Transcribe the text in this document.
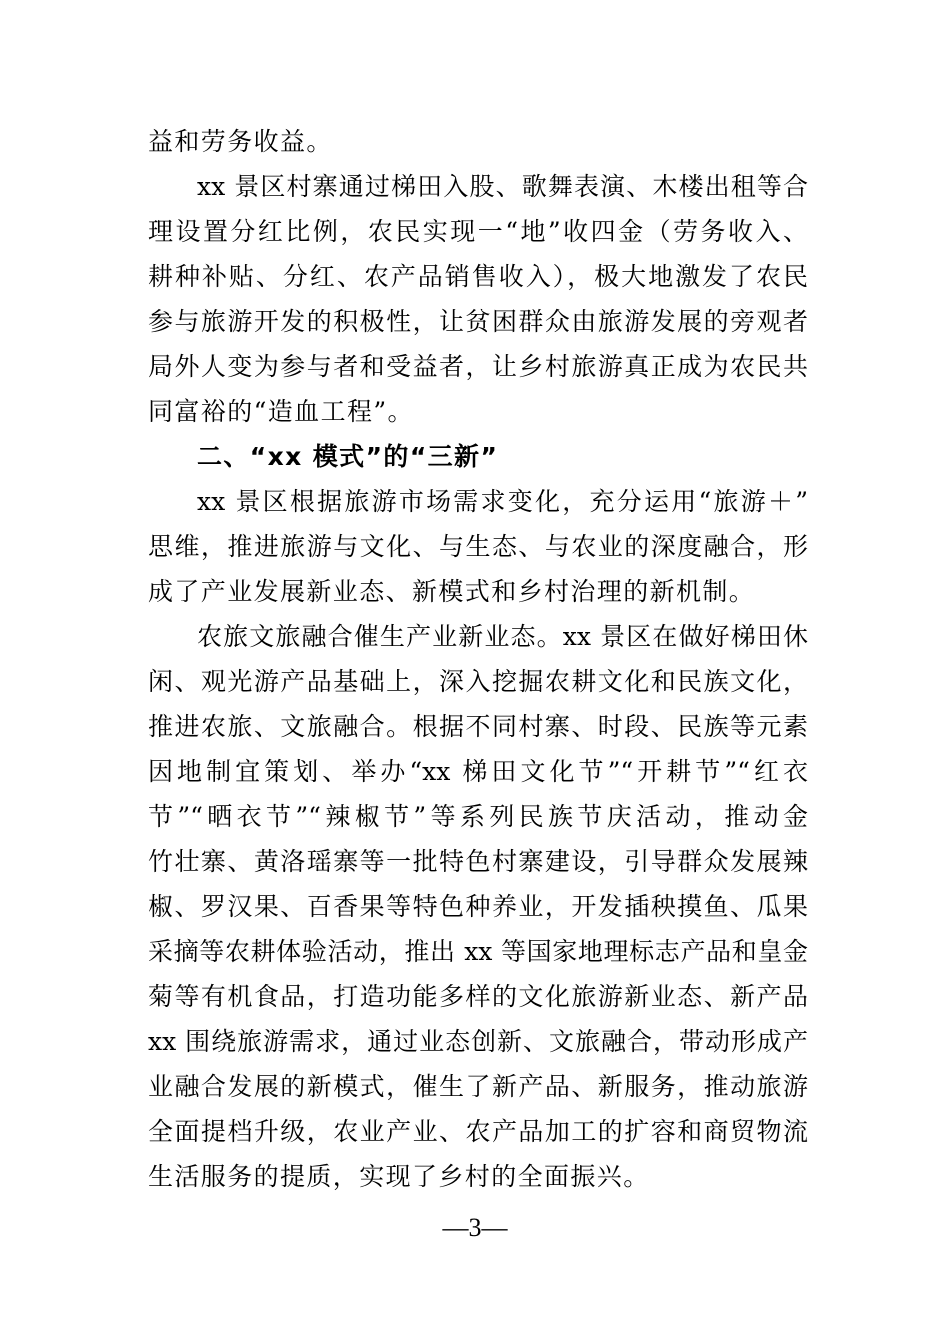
益和劳务收益。
xx 景区村寨通过梯田入股、歌舞表演、木楼出租等合
理设置分红比例，农民实现一“地”收四金（劳务收入、
耕种补贴、分红、农产品销售收入），极大地激发了农民
参与旅游开发的积极性，让贫困群众由旅游发展的旁观者
局外人变为参与者和受益者，让乡村旅游真正成为农民共
同富裕的“造血工程”。
二、“xx 模式”的“三新”
xx 景区根据旅游市场需求变化，充分运用“旅游＋”
思维，推进旅游与文化、与生态、与农业的深度融合，形
成了产业发展新业态、新模式和乡村治理的新机制。
农旅文旅融合催生产业新业态。xx 景区在做好梯田休
闲、观光游产品基础上，深入挖掘农耕文化和民族文化，
推进农旅、文旅融合。根据不同村寨、时段、民族等元素
因地制宜策划、举办“xx 梯田文化节”“开耕节”“红衣
节”“晒衣节”“辣椒节”等系列民族节庆活动，推动金
竹壮寨、黄洛瑶寨等一批特色村寨建设，引导群众发展辣
椒、罗汉果、百香果等特色种养业，开发插秧摸鱼、瓜果
采摘等农耕体验活动，推出 xx 等国家地理标志产品和皇金
菊等有机食品，打造功能多样的文化旅游新业态、新产品
xx 围绕旅游需求，通过业态创新、文旅融合，带动形成产
业融合发展的新模式，催生了新产品、新服务，推动旅游
全面提档升级，农业产业、农产品加工的扩容和商贸物流
生活服务的提质，实现了乡村的全面振兴。
—3—
